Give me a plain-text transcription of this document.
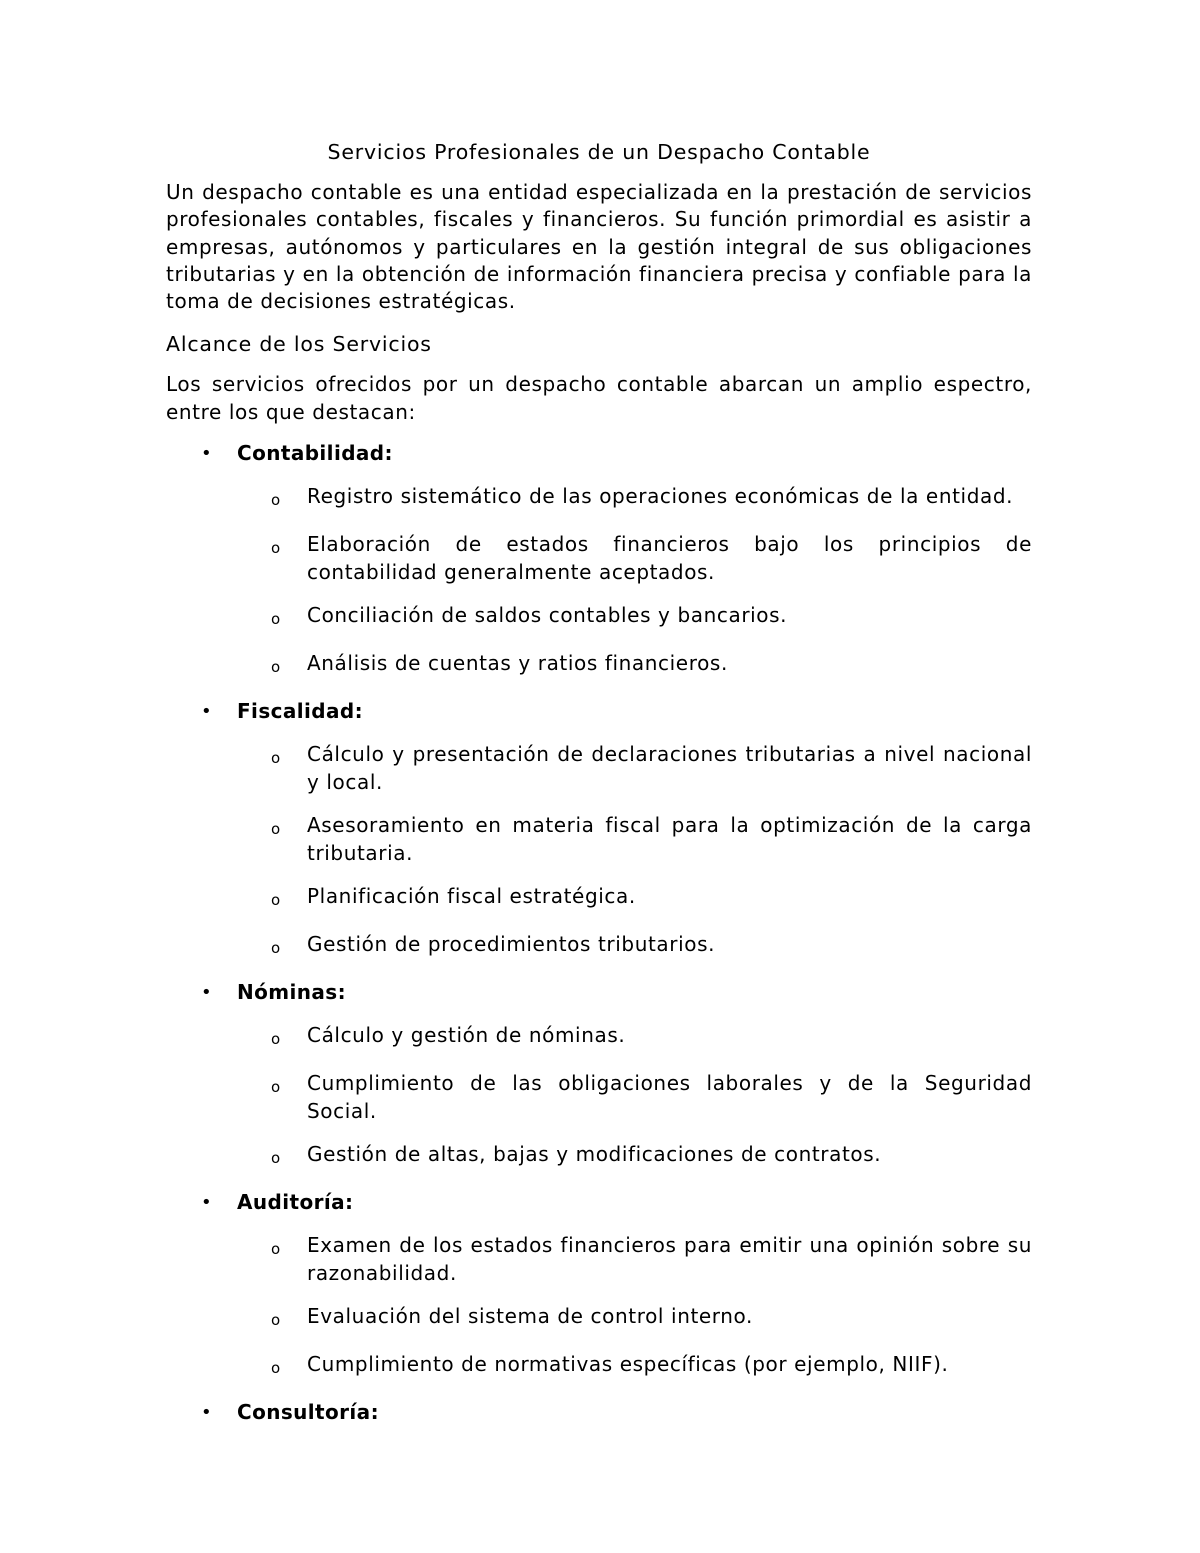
Servicios Profesionales de un Despacho Contable
Un despacho contable es una entidad especializada en la prestación de servicios profesionales contables, fiscales y financieros. Su función primordial es asistir a empresas, autónomos y particulares en la gestión integral de sus obligaciones tributarias y en la obtención de información financiera precisa y confiable para la toma de decisiones estratégicas.
Alcance de los Servicios
Los servicios ofrecidos por un despacho contable abarcan un amplio espectro, entre los que destacan:
•	Contabilidad:
o	Registro sistemático de las operaciones económicas de la entidad.
o	Elaboración de estados financieros bajo los principios de contabilidad generalmente aceptados.
o	Conciliación de saldos contables y bancarios.
o	Análisis de cuentas y ratios financieros.
•	Fiscalidad:
o	Cálculo y presentación de declaraciones tributarias a nivel nacional y local.
o	Asesoramiento en materia fiscal para la optimización de la carga tributaria.
o	Planificación fiscal estratégica.
o	Gestión de procedimientos tributarios.
•	Nóminas:
o	Cálculo y gestión de nóminas.
o	Cumplimiento de las obligaciones laborales y de la Seguridad Social.
o	Gestión de altas, bajas y modificaciones de contratos.
•	Auditoría:
o	Examen de los estados financieros para emitir una opinión sobre su razonabilidad.
o	Evaluación del sistema de control interno.
o	Cumplimiento de normativas específicas (por ejemplo, NIIF).
•	Consultoría:
